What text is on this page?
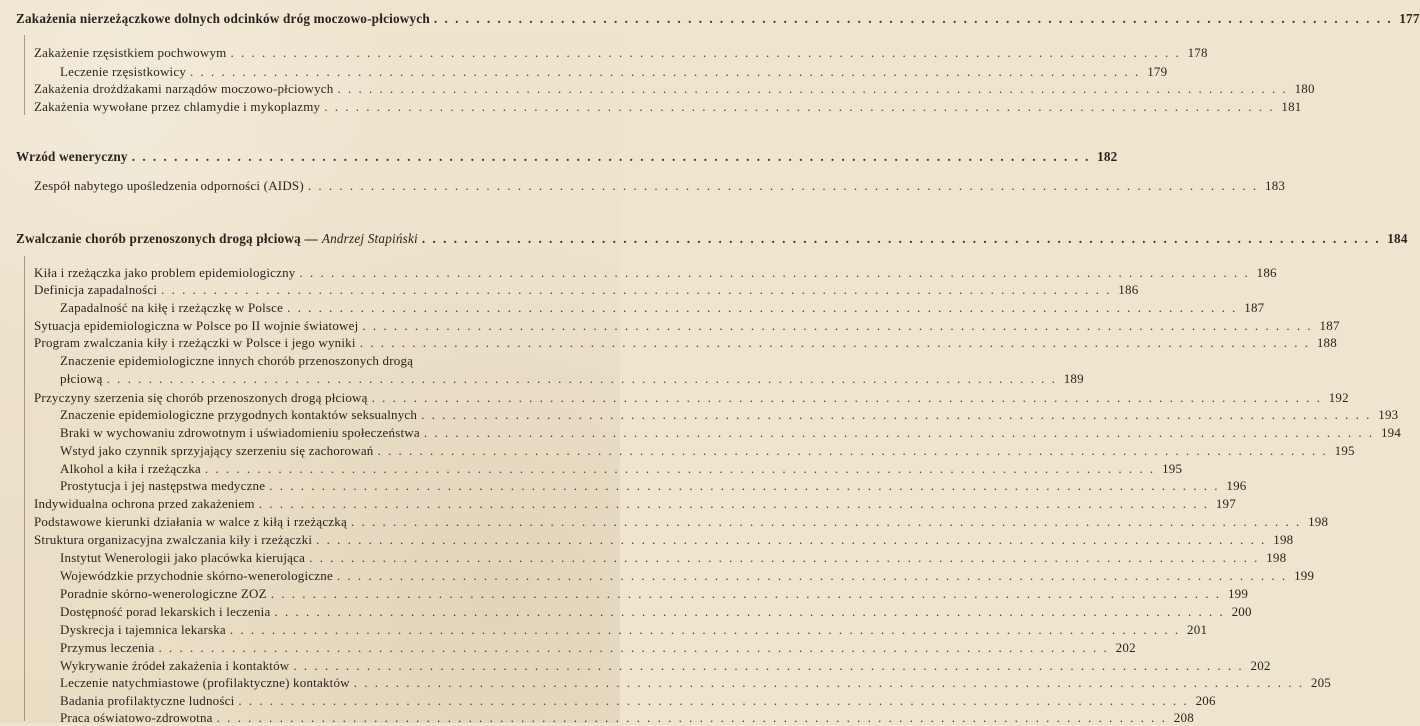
Zakażenia nierzeżączkowe dolnych odcinków dróg moczowo-płciowych . . . . . . . . . . . . . . . . . . . . . . . . . . . . . . . . . . . . . . . . . . . . . . . . . . . . . . . . . . . . . . . . . . . . . . . . . . . . . . . . . . . . . . . . . . . 177
Zakażenie rzęsistkiem pochwowym . . . . . . . . . . . . . . . . . . . . . . . . . . . . . . . . . . . . . . . . . . . . . . . . . . . . . . . . . . . . . . . . . . . . . . . . . . . . . . . . . . . . . . . . . . . 178
Leczenie rzęsistkowicy . . . . . . . . . . . . . . . . . . . . . . . . . . . . . . . . . . . . . . . . . . . . . . . . . . . . . . . . . . . . . . . . . . . . . . . . . . . . . . . . . . . . . . . . . . . 179
Zakażenia drożdżakami narządów moczowo-płciowych . . . . . . . . . . . . . . . . . . . . . . . . . . . . . . . . . . . . . . . . . . . . . . . . . . . . . . . . . . . . . . . . . . . . . . . . . . . . . . . . . . . . . . . . . . . 180
Zakażenia wywołane przez chlamydie i mykoplazmy . . . . . . . . . . . . . . . . . . . . . . . . . . . . . . . . . . . . . . . . . . . . . . . . . . . . . . . . . . . . . . . . . . . . . . . . . . . . . . . . . . . . . . . . . . . 181
Wrzód weneryczny . . . . . . . . . . . . . . . . . . . . . . . . . . . . . . . . . . . . . . . . . . . . . . . . . . . . . . . . . . . . . . . . . . . . . . . . . . . . . . . . . . . . . . . . . . . 182
Zespół nabytego upośledzenia odporności (AIDS) . . . . . . . . . . . . . . . . . . . . . . . . . . . . . . . . . . . . . . . . . . . . . . . . . . . . . . . . . . . . . . . . . . . . . . . . . . . . . . . . . . . . . . . . . . . 183
Zwalczanie chorób przenoszonych drogą płciową — Andrzej Stapiński . . . . . . . . . . . . . . . . . . . . . . . . . . . . . . . . . . . . . . . . . . . . . . . . . . . . . . . . . . . . . . . . . . . . . . . . . . . . . . . . . . . . . . . . . . . 184
Kiła i rzeżączka jako problem epidemiologiczny . . . . . . . . . . . . . . . . . . . . . . . . . . . . . . . . . . . . . . . . . . . . . . . . . . . . . . . . . . . . . . . . . . . . . . . . . . . . . . . . . . . . . . . . . . . 186
Definicja zapadalności . . . . . . . . . . . . . . . . . . . . . . . . . . . . . . . . . . . . . . . . . . . . . . . . . . . . . . . . . . . . . . . . . . . . . . . . . . . . . . . . . . . . . . . . . . . 186
Zapadalność na kiłę i rzeżączkę w Polsce . . . . . . . . . . . . . . . . . . . . . . . . . . . . . . . . . . . . . . . . . . . . . . . . . . . . . . . . . . . . . . . . . . . . . . . . . . . . . . . . . . . . . . . . . . . 187
Sytuacja epidemiologiczna w Polsce po II wojnie światowej . . . . . . . . . . . . . . . . . . . . . . . . . . . . . . . . . . . . . . . . . . . . . . . . . . . . . . . . . . . . . . . . . . . . . . . . . . . . . . . . . . . . . . . . . . . 187
Program zwalczania kiły i rzeżączki w Polsce i jego wyniki . . . . . . . . . . . . . . . . . . . . . . . . . . . . . . . . . . . . . . . . . . . . . . . . . . . . . . . . . . . . . . . . . . . . . . . . . . . . . . . . . . . . . . . . . . . 188
Znaczenie epidemiologiczne innych chorób przenoszonych drogą
płciową . . . . . . . . . . . . . . . . . . . . . . . . . . . . . . . . . . . . . . . . . . . . . . . . . . . . . . . . . . . . . . . . . . . . . . . . . . . . . . . . . . . . . . . . . . . 189
Przyczyny szerzenia się chorób przenoszonych drogą płciową . . . . . . . . . . . . . . . . . . . . . . . . . . . . . . . . . . . . . . . . . . . . . . . . . . . . . . . . . . . . . . . . . . . . . . . . . . . . . . . . . . . . . . . . . . . 192
Znaczenie epidemiologiczne przygodnych kontaktów seksualnych . . . . . . . . . . . . . . . . . . . . . . . . . . . . . . . . . . . . . . . . . . . . . . . . . . . . . . . . . . . . . . . . . . . . . . . . . . . . . . . . . . . . . . . . . . . 193
Braki w wychowaniu zdrowotnym i uświadomieniu społeczeństwa . . . . . . . . . . . . . . . . . . . . . . . . . . . . . . . . . . . . . . . . . . . . . . . . . . . . . . . . . . . . . . . . . . . . . . . . . . . . . . . . . . . . . . . . . . . 194
Wstyd jako czynnik sprzyjający szerzeniu się zachorowań . . . . . . . . . . . . . . . . . . . . . . . . . . . . . . . . . . . . . . . . . . . . . . . . . . . . . . . . . . . . . . . . . . . . . . . . . . . . . . . . . . . . . . . . . . . 195
Alkohol a kiła i rzeżączka . . . . . . . . . . . . . . . . . . . . . . . . . . . . . . . . . . . . . . . . . . . . . . . . . . . . . . . . . . . . . . . . . . . . . . . . . . . . . . . . . . . . . . . . . . . 195
Prostytucja i jej następstwa medyczne . . . . . . . . . . . . . . . . . . . . . . . . . . . . . . . . . . . . . . . . . . . . . . . . . . . . . . . . . . . . . . . . . . . . . . . . . . . . . . . . . . . . . . . . . . . 196
Indywidualna ochrona przed zakażeniem . . . . . . . . . . . . . . . . . . . . . . . . . . . . . . . . . . . . . . . . . . . . . . . . . . . . . . . . . . . . . . . . . . . . . . . . . . . . . . . . . . . . . . . . . . . 197
Podstawowe kierunki działania w walce z kiłą i rzeżączką . . . . . . . . . . . . . . . . . . . . . . . . . . . . . . . . . . . . . . . . . . . . . . . . . . . . . . . . . . . . . . . . . . . . . . . . . . . . . . . . . . . . . . . . . . . 198
Struktura organizacyjna zwalczania kiły i rzeżączki . . . . . . . . . . . . . . . . . . . . . . . . . . . . . . . . . . . . . . . . . . . . . . . . . . . . . . . . . . . . . . . . . . . . . . . . . . . . . . . . . . . . . . . . . . . 198
Instytut Wenerologii jako placówka kierująca . . . . . . . . . . . . . . . . . . . . . . . . . . . . . . . . . . . . . . . . . . . . . . . . . . . . . . . . . . . . . . . . . . . . . . . . . . . . . . . . . . . . . . . . . . . 198
Wojewódzkie przychodnie skórno-wenerologiczne . . . . . . . . . . . . . . . . . . . . . . . . . . . . . . . . . . . . . . . . . . . . . . . . . . . . . . . . . . . . . . . . . . . . . . . . . . . . . . . . . . . . . . . . . . . 199
Poradnie skórno-wenerologiczne ZOZ . . . . . . . . . . . . . . . . . . . . . . . . . . . . . . . . . . . . . . . . . . . . . . . . . . . . . . . . . . . . . . . . . . . . . . . . . . . . . . . . . . . . . . . . . . . 199
Dostępność porad lekarskich i leczenia . . . . . . . . . . . . . . . . . . . . . . . . . . . . . . . . . . . . . . . . . . . . . . . . . . . . . . . . . . . . . . . . . . . . . . . . . . . . . . . . . . . . . . . . . . . 200
Dyskrecja i tajemnica lekarska . . . . . . . . . . . . . . . . . . . . . . . . . . . . . . . . . . . . . . . . . . . . . . . . . . . . . . . . . . . . . . . . . . . . . . . . . . . . . . . . . . . . . . . . . . . 201
Przymus leczenia . . . . . . . . . . . . . . . . . . . . . . . . . . . . . . . . . . . . . . . . . . . . . . . . . . . . . . . . . . . . . . . . . . . . . . . . . . . . . . . . . . . . . . . . . . . 202
Wykrywanie źródeł zakażenia i kontaktów . . . . . . . . . . . . . . . . . . . . . . . . . . . . . . . . . . . . . . . . . . . . . . . . . . . . . . . . . . . . . . . . . . . . . . . . . . . . . . . . . . . . . . . . . . . 202
Leczenie natychmiastowe (profilaktyczne) kontaktów . . . . . . . . . . . . . . . . . . . . . . . . . . . . . . . . . . . . . . . . . . . . . . . . . . . . . . . . . . . . . . . . . . . . . . . . . . . . . . . . . . . . . . . . . . . 205
Badania profilaktyczne ludności . . . . . . . . . . . . . . . . . . . . . . . . . . . . . . . . . . . . . . . . . . . . . . . . . . . . . . . . . . . . . . . . . . . . . . . . . . . . . . . . . . . . . . . . . . . 206
Praca oświatowo-zdrowotna . . . . . . . . . . . . . . . . . . . . . . . . . . . . . . . . . . . . . . . . . . . . . . . . . . . . . . . . . . . . . . . . . . . . . . . . . . . . . . . . . . . . . . . . . . . 208
